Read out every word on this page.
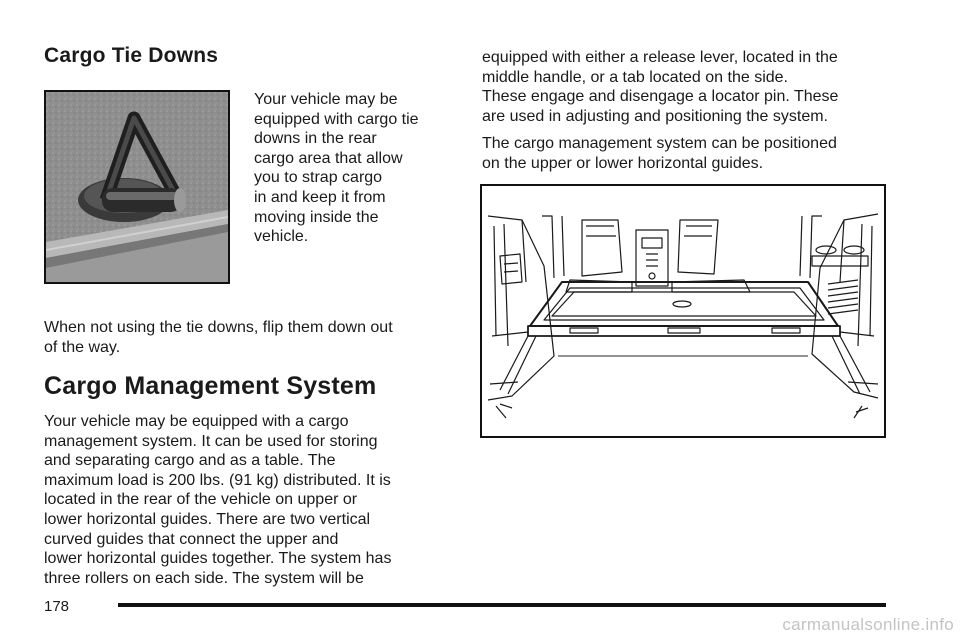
Cargo Tie Downs

Your vehicle may be

equipped with cargo tie

downs in the rear

cargo area that allow

you to strap cargo

in and keep it from

moving inside the

vehicle.

When not using the tie downs, flip them down out

of the way.

Cargo Management System

Your vehicle may be equipped with a cargo

management system. It can be used for storing

and separating cargo and as a table. The

maximum load is 200 lbs. (91 kg) distributed. It is

located in the rear of the vehicle on upper or

lower horizontal guides. There are two vertical

curved guides that connect the upper and

lower horizontal guides together. The system has

three rollers on each side. The system will be

equipped with either a release lever, located in the

middle handle, or a tab located on the side.

These engage and disengage a locator pin. These

are used in adjusting and positioning the system.

The cargo management system can be positioned

on the upper or lower horizontal guides.

178
carmanualsonline.info
